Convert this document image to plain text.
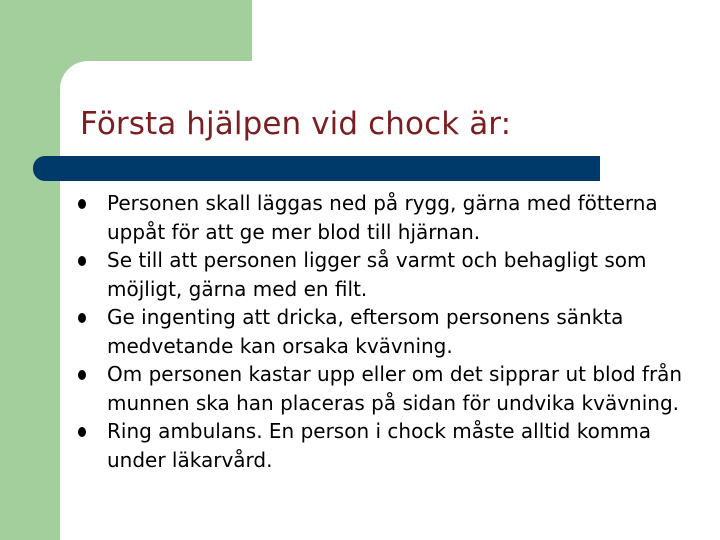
Första hjälpen vid chock är:
Personen skall läggas ned på rygg, gärna med fötterna uppåt för att ge mer blod till hjärnan.
Se till att personen ligger så varmt och behagligt som möjligt, gärna med en filt.
Ge ingenting att dricka, eftersom personens sänkta medvetande kan orsaka kvävning.
Om personen kastar upp eller om det sipprar ut blod från munnen ska han placeras på sidan för undvika kvävning.
Ring ambulans. En person i chock måste alltid komma under läkarvård.
